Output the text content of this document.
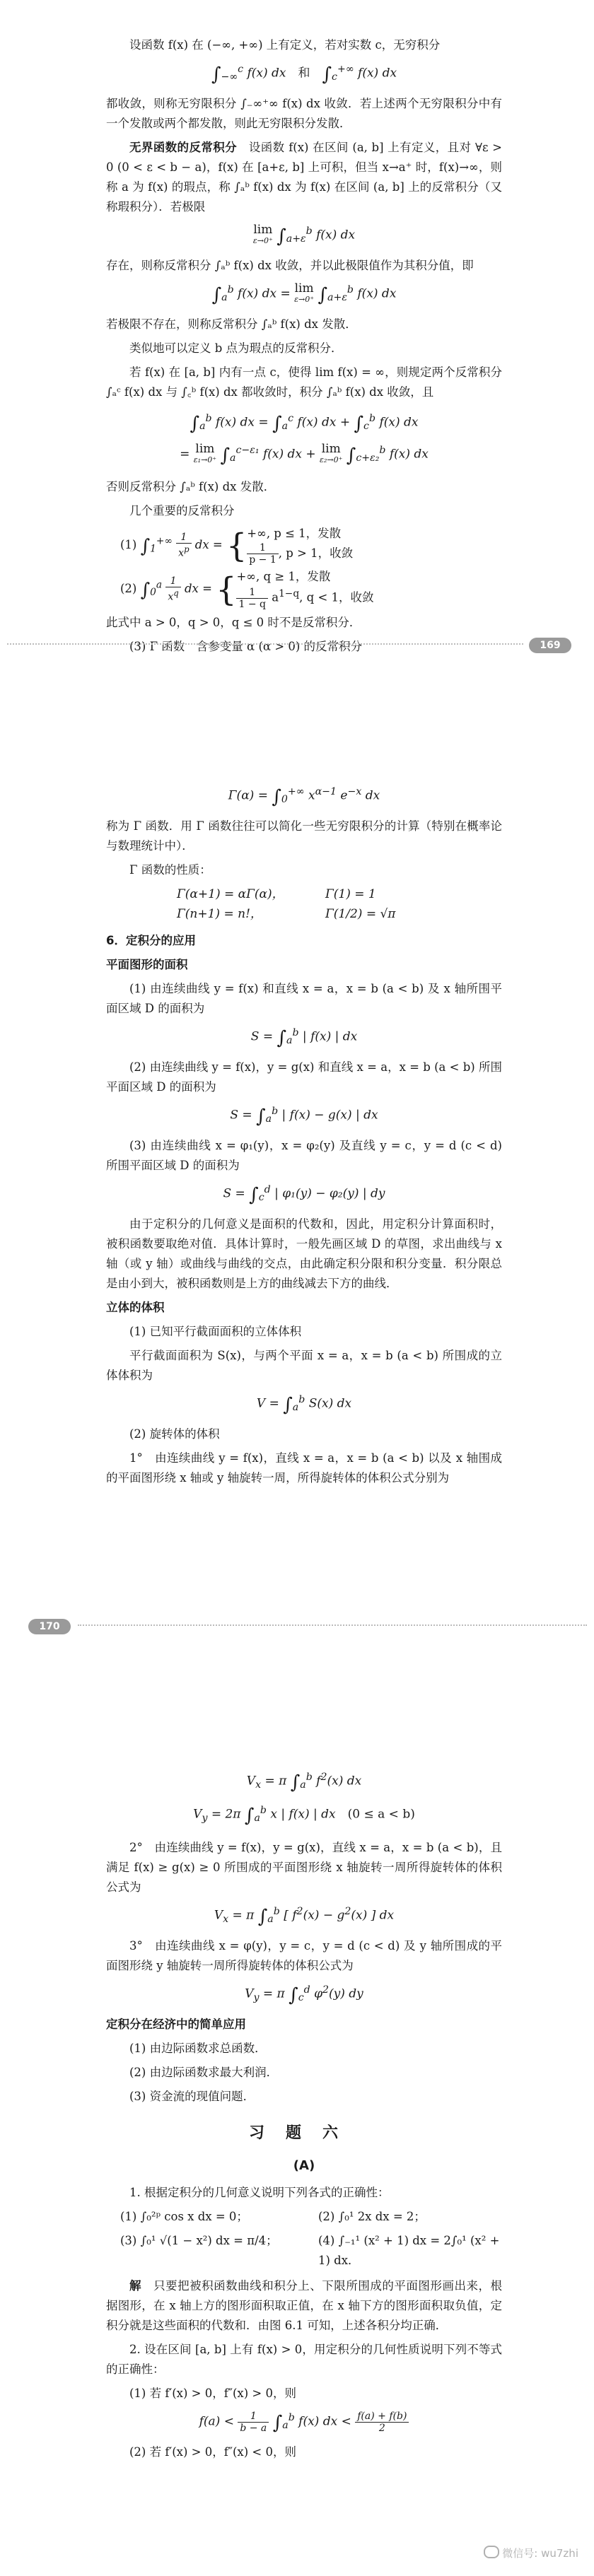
设函数 f(x) 在 (−∞, +∞) 上有定义，若对实数 c，无穷积分

$\int_{-\infty}^c$ f(x) dx　和　 $\int_c^{+\infty}$ f(x) dx

都收敛，则称无穷限积分 ∫₋∞⁺∞ f(x) dx 收敛．若上述两个无穷限积分中有一个发散或两个都发散，则此无穷限积分发散．

无界函数的反常积分　 设函数 f(x) 在区间 (a, b] 上有定义，且对 ∀ε > 0 (0 < ε < b − a)，f(x) 在 [a+ε, b] 上可积，但当 x→a⁺ 时，f(x)→∞，则称 a 为 f(x) 的瑕点，称 ∫ₐᵇ f(x) dx 为 f(x) 在区间 (a, b] 上的反常积分（又称瑕积分）．若极限

lim
ε→0⁺ $\int_{a+\varepsilon}^b$ f(x) dx

存在，则称反常积分 ∫ₐᵇ f(x) dx 收敛，并以此极限值作为其积分值，即

$\int_a^b$ f(x) dx = lim
ε→0⁺ $\int_{a+\varepsilon}^b$ f(x) dx

若极限不存在，则称反常积分 ∫ₐᵇ f(x) dx 发散．

类似地可以定义 b 点为瑕点的反常积分．

若 f(x) 在 [a, b] 内有一点 c，使得 lim f(x) = ∞，则规定两个反常积分 ∫ₐᶜ f(x) dx 与 ∫꜀ᵇ f(x) dx 都收敛时，积分 ∫ₐᵇ f(x) dx 收敛，且

$\int_a^b$ f(x) dx = $\int_a^c$ f(x) dx + $\int_c^b$ f(x) dx
= lim
ε₁→0⁺ $\int_a^{c-\varepsilon_1}$ f(x) dx + lim
ε₂→0⁺ $\int_{c+\varepsilon_2}^b$ f(x) dx

否则反常积分 ∫ₐᵇ f(x) dx 发散．

几个重要的反常积分

(1) $\int_1^{+\infty} \frac{1}{x^p}$ dx = {+∞, p ≤ 1，发散

$\frac{1}{p - 1}$ , p > 1，收敛
(2) $\int_0^a \frac{1}{x^q}$ dx = {+∞, q ≥ 1，发散

$\frac{1}{1 - q} a^{1-q}$, q < 1，收敛

此式中 a > 0，q > 0，q ≤ 0 时不是反常积分．

(3) Γ 函数　含参变量 α (α > 0) 的反常积分	169
$\Gamma(\alpha) = \int_0^{+\infty}$ $x^{\alpha-1}$ $e^{-x}$ dx

称为 Γ 函数．用 Γ 函数往往可以简化一些无穷限积分的计算（特别在概率论与数理统计中）．

Γ 函数的性质：

Γ(α+1) = αΓ(α)，	Γ(1) = 1
Γ(n+1) = n!，	Γ(1/2) = √π

6．定积分的应用

平面图形的面积

(1) 由连续曲线 y = f(x) 和直线 x = a，x = b (a < b) 及 x 轴所围平面区域 D 的面积为

$S = \int_a^b$ | f(x) | dx

(2) 由连续曲线 y = f(x)，y = g(x) 和直线 x = a，x = b (a < b) 所围平面区域 D 的面积为

$S = \int_a^b$ | f(x) − g(x) | dx

(3) 由连续曲线 x = φ₁(y)，x = φ₂(y) 及直线 y = c，y = d (c < d) 所围平面区域 D 的面积为

$S = \int_c^d$ | φ₁(y) − φ₂(y) | dy

由于定积分的几何意义是面积的代数和，因此，用定积分计算面积时，被积函数要取绝对值．具体计算时，一般先画区域 D 的草图，求出曲线与 x 轴（或 y 轴）或曲线与曲线的交点，由此确定积分限和积分变量．积分限总是由小到大，被积函数则是上方的曲线减去下方的曲线．

立体的体积

(1) 已知平行截面面积的立体体积

平行截面面积为 S(x)，与两个平面 x = a，x = b (a < b) 所围成的立体体积为

$V = \int_a^b$ S(x) dx

(2) 旋转体的体积

1°　由连续曲线 y = f(x)，直线 x = a，x = b (a < b) 以及 x 轴围成的平面图形绕 x 轴或 y 轴旋转一周，所得旋转体的体积公式分别为

170
$V_x = \pi$ $\int_a^b$ $f^2(x)$ dx
$V_y = 2\pi$ $\int_a^b$ x | f(x) | dx　(0 ≤ a < b)

2°　由连续曲线 y = f(x)，y = g(x)，直线 x = a，x = b (a < b)，且满足 f(x) ≥ g(x) ≥ 0 所围成的平面图形绕 x 轴旋转一周所得旋转体的体积公式为

$V_x = \pi$ $\int_a^b$ [ $f^2(x) - g^2(x)$ ] dx

3°　由连续曲线 x = φ(y)，y = c，y = d (c < d) 及 y 轴所围成的平面图形绕 y 轴旋转一周所得旋转体的体积公式为

$V_y = \pi$ $\int_c^d$ $\varphi^2(y)$ dy

定积分在经济中的简单应用

(1) 由边际函数求总函数．

(2) 由边际函数求最大利润．

(3) 资金流的现值问题．

习题六
(A)

1. 根据定积分的几何意义说明下列各式的正确性：

(1) ∫₀²ᵖ cos x dx = 0；	(2) ∫₀¹ 2x dx = 2；
(3) ∫₀¹ √(1 − x²) dx = π/4；	(4) ∫₋₁¹ (x² + 1) dx = 2∫₀¹ (x² + 1) dx．

解　 只要把被积函数曲线和积分上、下限所围成的平面图形画出来，根据图形，在 x 轴上方的图形面积取正值，在 x 轴下方的图形面积取负值，定积分就是这些面积的代数和．由图 6.1 可知，上述各积分均正确．

2. 设在区间 [a, b] 上有 f(x) > 0，用定积分的几何性质说明下列不等式的正确性：

(1) 若 f′(x) > 0，f″(x) > 0，则

$f(a) < \frac{1}{b - a} \int_a^b$ f(x) dx < $\frac{f(a) + f(b)}{2}$

(2) 若 f′(x) > 0，f″(x) < 0，则

微信号: wu7zhi
